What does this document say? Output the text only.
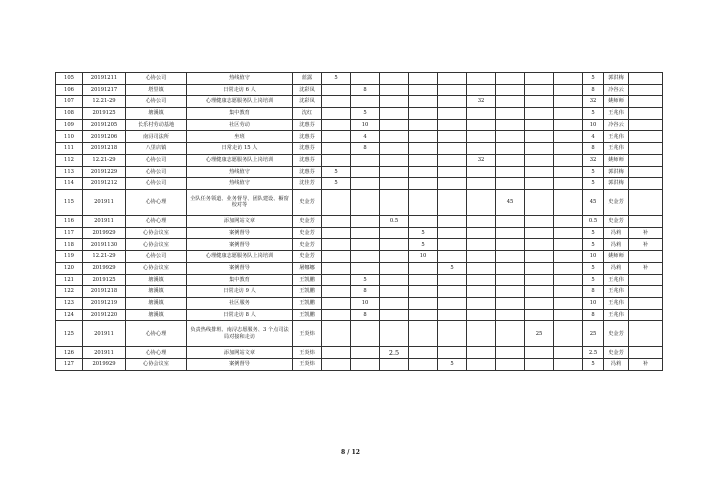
105	20191211	心协公司	热线值守	蓝露	5									5	郭洪梅	
106	20191217	塔里镇	日常走访 6 人	沈彩凤		8								8	冷谷云	
107	12.21-29	心协公司	心理健康志愿服务队上岗培训	沈彩凤						32				32	姚师师	
108	2019125	塘溪镇	集中教育	沈红		5								5	王兆伟	
109	20191205	长乐村劳动基地	社区劳动	沈惠芬		10								10	冷谷云	
110	20191206	南浔司法所	坐班	沈惠芬		4								4	王兆伟	
111	20191218	八里店镇	日常走访 15 人	沈惠芬		8								8	王兆伟	
112	12.21-29	心协公司	心理健康志愿服务队上岗培训	沈惠芬						32				32	姚师师	
113	20191229	心协公司	热线值守	沈惠芬	5									5	郭洪梅	
114	20191212	心协公司	热线值守	沈佳芳	5									5	郭洪梅	
115	201911	心协心理	全队任务领道、业务督导、团队建设、橱窗校对等	史金芳							45			45	史金芳	
116	201911	心协心理	添加网站文章	史金芳			0.5							0.5	史金芳	
117	2019929	心协会议室	案例督导	史金芳				5						5	冯莉	补
118	20191130	心协会议室	案例督导	史金芳				5						5	冯莉	补
119	12.21-29	心协公司	心理健康志愿服务队上岗培训	史金芳				10						10	姚师师	
120	2019929	心协会议室	案例督导	屠娜娜					5					5	冯莉	补
121	2019125	塘溪镇	集中教育	王凯鹏		5								5	王兆伟	
122	20191218	塘溪镇	日常走访 9 人	王凯鹏		8								8	王兆伟	
123	20191219	塘溪镇	社区服务	王凯鹏		10								10	王兆伟	
124	20191220	塘溪镇	日常走访 8 人	王凯鹏		8								8	王兆伟	
125	201911	心协心理	负责热线排班、南浔志愿服务、3 个点司法局对接和走访	王炎炜								25		25	史金芳	
126	201911	心协心理	添加网站文章	王炎炜			2.5							2.5	史金芳	
127	2019929	心协会议室	案例督导	王炎炜					5					5	冯莉	补
8 / 12
